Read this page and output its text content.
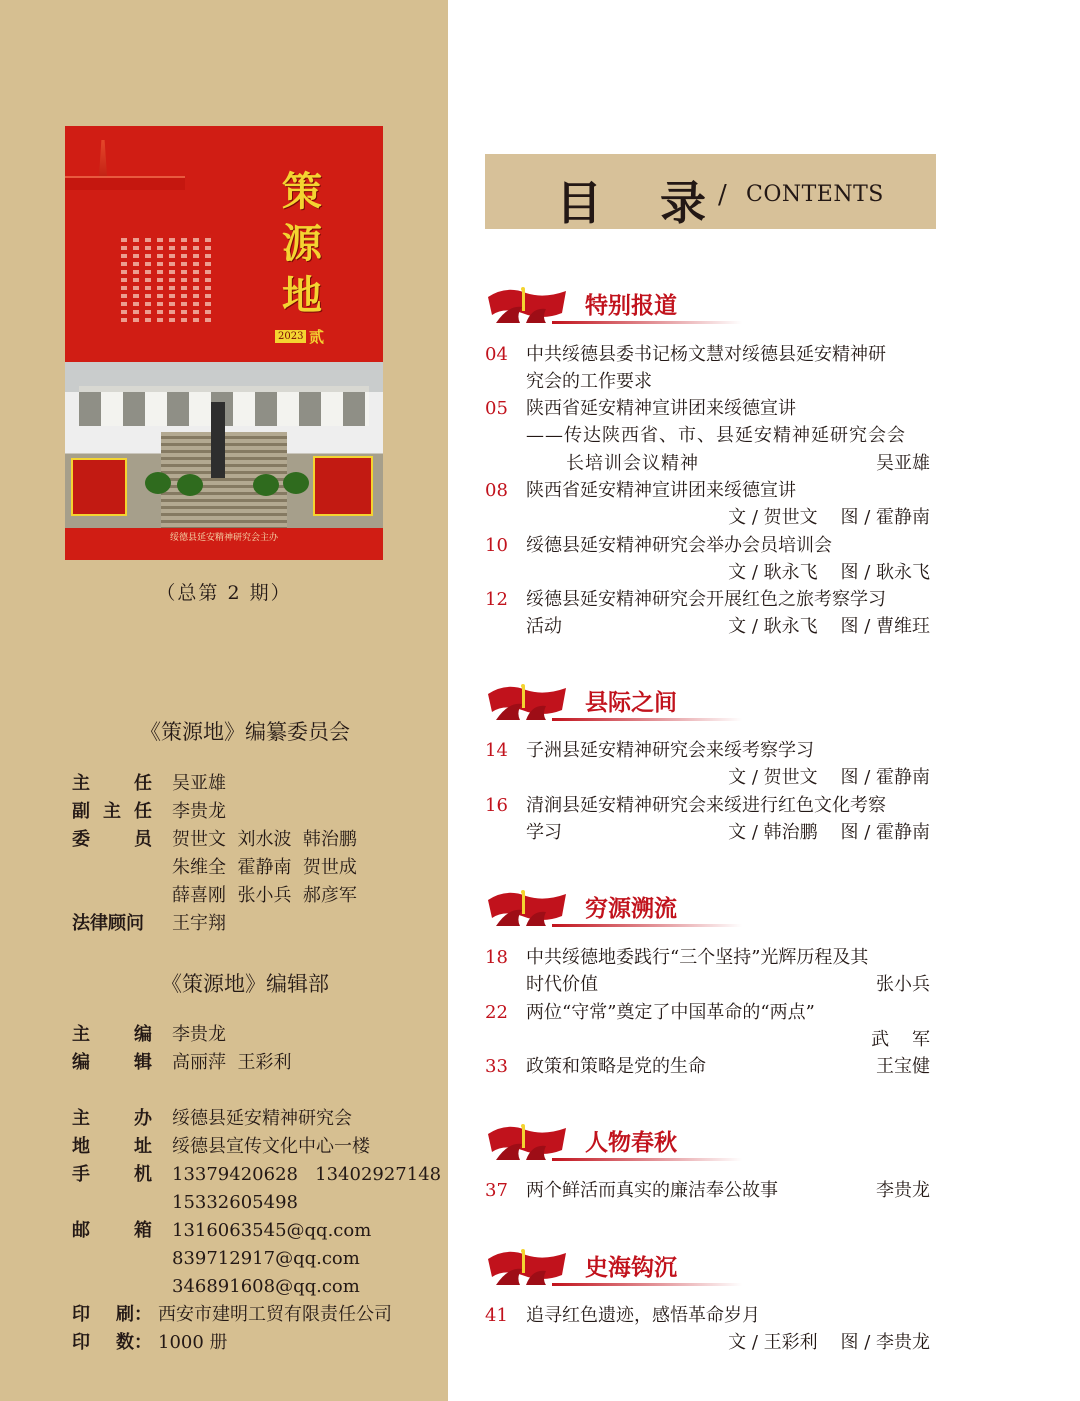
策源地
2023 贰
绥德县延安精神研究会主办
（总第 2 期）
《策源地》编纂委员会
《策源地》编辑部
主 任 吴亚雄
副 主 任 李贵龙
委 员 贺世文  刘水波  韩治鹏
朱维全  霍静南  贺世成
薛喜刚  张小兵  郝彦军
法律顾问	王宇翔
主 编 李贵龙
编 辑 高丽萍  王彩利
主 办 绥德县延安精神研究会
地 址 绥德县宣传文化中心一楼
手 机 13379420628   13402927148
15332605498
邮 箱 1316063545@qq.com
839712917@qq.com
346891608@qq.com
印 刷： 西安市建明工贸有限责任公司
印 数： 1000 册
目 录 / CONTENTS
特别报道
04 中共绥德县委书记杨文慧对绥德县延安精神研
究会的工作要求
05 陕西省延安精神宣讲团来绥德宣讲
——传达陕西省、市、县延安精神延研究会会
长培训会议精神	吴亚雄
08 陕西省延安精神宣讲团来绥德宣讲
文 / 贺世文    图 / 霍静南
10 绥德县延安精神研究会举办会员培训会
文 / 耿永飞    图 / 耿永飞
12 绥德县延安精神研究会开展红色之旅考察学习
活动	文 / 耿永飞    图 / 曹维玨
县际之间
14 子洲县延安精神研究会来绥考察学习
文 / 贺世文    图 / 霍静南
16 清涧县延安精神研究会来绥进行红色文化考察
学习	文 / 韩治鹏    图 / 霍静南
穷源溯流
18 中共绥德地委践行“三个坚持”光辉历程及其
时代价值	张小兵
22 两位“守常”奠定了中国革命的“两点”
武    军
33 政策和策略是党的生命	王宝健
人物春秋
37 两个鲜活而真实的廉洁奉公故事	李贵龙
史海钩沉
41 追寻红色遗迹，感悟革命岁月
文 / 王彩利    图 / 李贵龙
